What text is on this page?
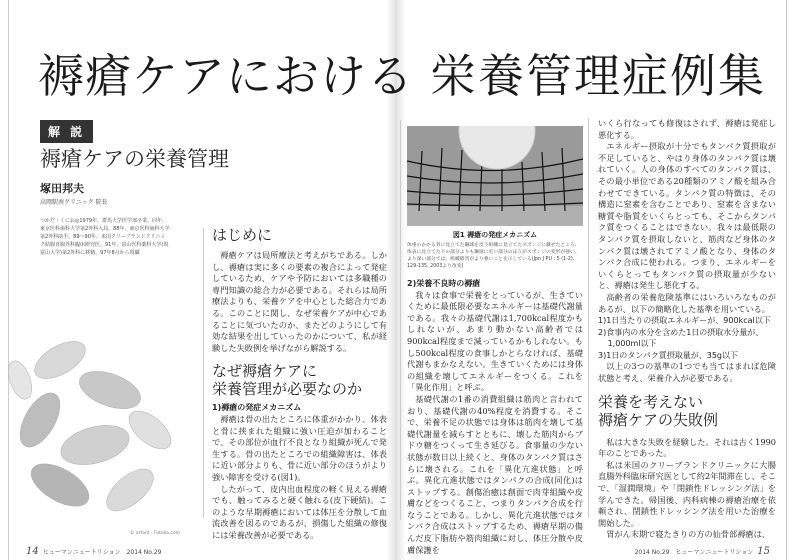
褥瘡ケアにおける 栄養管理症例集
解 説
褥瘡ケアの栄養管理
塚田邦夫
高岡駅南クリニック 院長
つかだ・くにお◎1979年、群馬大学医学部卒業。同年、東京医科歯科大学第2外科入局。88年、東京医科歯科大学第2外科助手。89〜90年、米国クリーブランドクリニック結腸直腸外科臨床研究医。91年、富山医科薬科大学(現富山大学)第2外科に移籍。97年8月から現職
© arfant - Fotolia.com
はじめに

褥瘡ケアは局所療法と考えがちである。しかし、褥瘡は実に多くの要素の複合によって発症しているため、ケアや予防においては多職種の専門知識の総合力が必要である。それらは局所療法よりも、栄養ケアを中心とした総合力である。このことに関し、なぜ栄養ケアが中心であることに気づいたのか、またどのようにして有効な結果を出していったのかについて、私が経験した失敗例を挙げながら解説する。

なぜ褥瘡ケアに
栄養管理が必要なのか
1)褥瘡の発症メカニズム

褥瘡は骨の出たところに体重がかかり、体表と骨に挟まれた組織に強い圧迫が加わることで、その部位が血行不良となり組織が死んで発生する。骨の出たところでの組織障害は、体表に近い部分よりも、骨に近い部分のほうがより強い障害を受ける(図1)。

したがって、皮内出血程度の軽く見える褥瘡でも、触ってみると硬く触れる(皮下硬結)。このような早期褥瘡においては体圧を分散して血流改善を図るのであるが、損傷した組織の修復には栄養改善が必要である。

図1 褥瘡の発症メカニズム
体重のかかる骨に見立てた鋼球を皮下組織に見立てたスポンジに載せたところ、体表に見立てた下の部分よりも鋼球に近い部分のほうがスポンジの変形が強い。より深い部分では、組織障害がより強いことを示している(Jpn J PU : 5 (1-2), 129-135, 2003より改変)
2)栄養不良時の褥瘡

我々は食事で栄養をとっているが、生きていくために最低限必要なエネルギーは基礎代謝量である。我々の基礎代謝は1,700kcal程度かもしれないが、あまり動かない高齢者では900kcal程度まで減っているかもしれない。もし500kcal程度の食事しかとらなければ、基礎代謝もまかなえない。生きていくためには身体の組織を壊してエネルギーをつくる。これを「異化作用」と呼ぶ。

基礎代謝の1番の消費組織は筋肉と言われており、基礎代謝の40%程度を消費する。そこで、栄養不足の状態では身体は筋肉を壊して基礎代謝量を減らすとともに、壊した筋肉からブドウ糖をつくって生き延びる。食事量の少ない状態が数日以上続くと、身体のタンパク質はさらに壊される。これを「異化亢進状態」と呼ぶ。異化亢進状態ではタンパクの合成(同化)はストップする。創傷治癒は創面で肉芽組織や皮膚などをつくること、つまりタンパク合成を行なうことである。しかし、異化亢進状態ではタンパク合成はストップするため、褥瘡早期の傷んだ皮下脂肪や筋肉組織に対し、体圧分散や皮膚保護を

いくら行なっても修復はされず、褥瘡は発症し悪化する。

エネルギー摂取が十分でもタンパク質摂取が不足していると、やはり身体のタンパク質は壊れていく。人の身体のすべてのタンパク質は、その最小単位である20種類のアミノ酸を組み合わせてできている。タンパク質の特徴は、その構造に窒素を含むことであり、窒素を含まない糖質や脂質をいくらとっても、そこからタンパク質をつくることはできない。我々は最低限のタンパク質を摂取しないと、筋肉など身体のタンパク質は壊されてアミノ酸となり、身体のタンパク合成に使われる。つまり、エネルギーをいくらとってもタンパク質の摂取量が少ないと、褥瘡は発生し悪化する。

高齢者の栄養危険基準にはいろいろなものがあるが、以下の簡略化した基準を用いている。

1)1日当たりの摂取エネルギーが、900kcal以下
2)食事内の水分を含めた1日の摂取水分量が、
1,000ml以下
3)1日のタンパク質摂取量が、35g以下

以上の3つの基準の1つでも当てはまれば危険状態と考え、栄養介入が必要である。

栄養を考えない
褥瘡ケアの失敗例

私は大きな失敗を経験した。それは古く1990年のことであった。

私は米国のクリーブランドクリニックに大腸直腸外科臨床研究医として約2年間滞在し、そこで、「湿潤環境」や「閉鎖性ドレッシング法」を学んできた。帰国後、内科病棟の褥瘡治療を依頼され、閉鎖性ドレッシング法を用いた治療を開始した。

胃がん末期で寝たきりの方の仙骨部褥瘡は、

14 ヒューマンニュートリション　2014 No.29	2014 No.29　ヒューマンニュートリション 15
